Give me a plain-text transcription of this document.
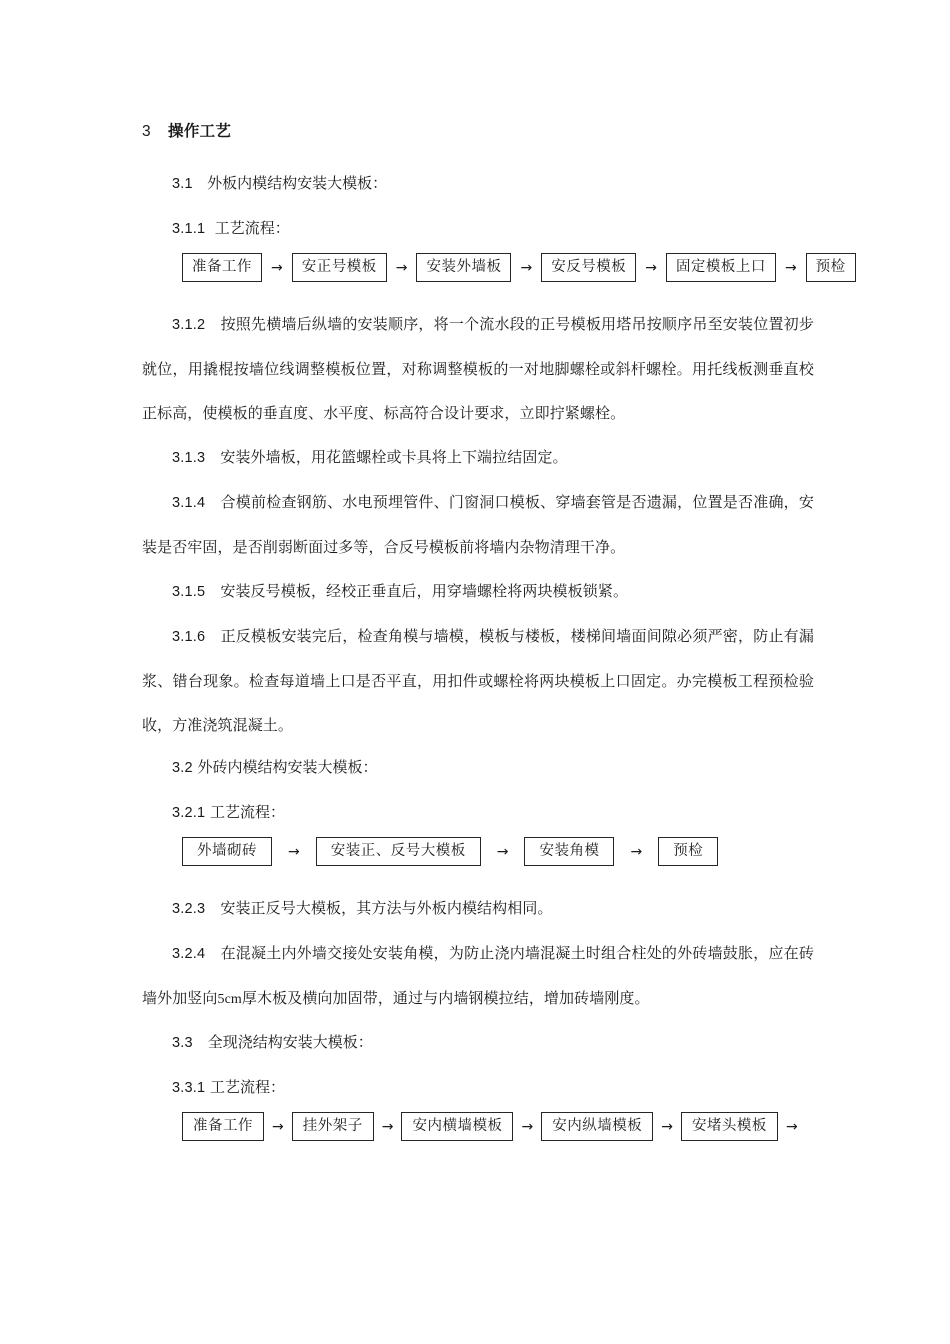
3 操作工艺
3.1 外板内模结构安装大模板：
3.1.1 工艺流程：
准备工作	→	安正号模板	→	安装外墙板	→	安反号模板	→	固定模板上口	→	预检

3.1.2　 按照先横墙后纵墙的安装顺序，将一个流水段的正号模板用塔吊按顺序吊至安装位置初步就位，用撬棍按墙位线调整模板位置，对称调整模板的一对地脚螺栓或斜杆螺栓。用托线板测垂直校正标高，使模板的垂直度、水平度、标高符合设计要求，立即拧紧螺栓。

3.1.3　 安装外墙板，用花篮螺栓或卡具将上下端拉结固定。

3.1.4　 合模前检查钢筋、水电预埋管件、门窗洞口模板、穿墙套管是否遗漏，位置是否准确，安装是否牢固，是否削弱断面过多等，合反号模板前将墙内杂物清理干净。

3.1.5　 安装反号模板，经校正垂直后，用穿墙螺栓将两块模板锁紧。

3.1.6　 正反模板安装完后，检查角模与墙模，模板与楼板，楼梯间墙面间隙必须严密，防止有漏浆、错台现象。检查每道墙上口是否平直，用扣件或螺栓将两块模板上口固定。办完模板工程预检验收，方准浇筑混凝土。

3.2 外砖内模结构安装大模板：
3.2.1 工艺流程：
外墙砌砖	→	安装正、反号大模板	→	安装角模	→	预检

3.2.3　 安装正反号大模板，其方法与外板内模结构相同。

3.2.4　 在混凝土内外墙交接处安装角模，为防止浇内墙混凝土时组合柱处的外砖墙鼓胀，应在砖墙外加竖向5cm厚木板及横向加固带，通过与内墙钢模拉结，增加砖墙刚度。

3.3　 全现浇结构安装大模板：
3.3.1 工艺流程：
准备工作	→	挂外架子	→	安内横墙模板	→	安内纵墙模板	→	安堵头模板	→
